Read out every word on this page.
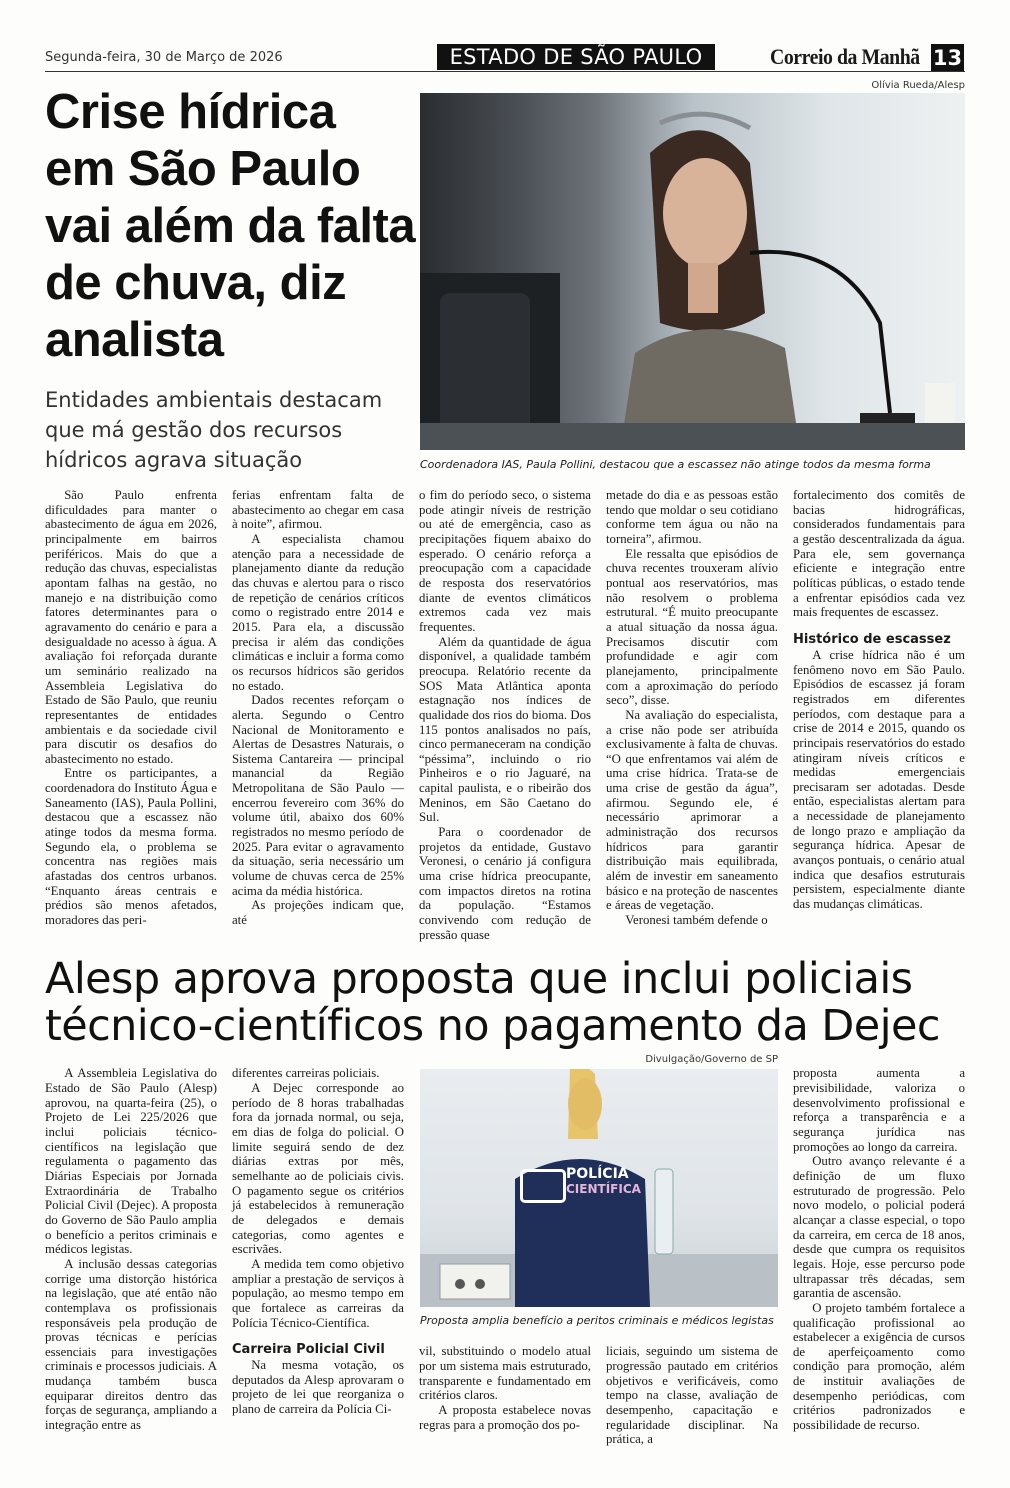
Segunda-feira, 30 de Março de 2026	ESTADO DE SÃO PAULO	Correio da Manhã 13
Crise hídrica em São Paulo vai além da falta de chuva, diz analista
Entidades ambientais destacam que má gestão dos recursos hídricos agrava situação
Olívia Rueda/Alesp
Coordenadora IAS, Paula Pollini, destacou que a escassez não atinge todos da mesma forma

São Paulo enfrenta dificuldades para manter o abastecimento de água em 2026, principalmente em bairros periféricos. Mais do que a redução das chuvas, especialistas apontam falhas na gestão, no manejo e na distribuição como fatores determinantes para o agravamento do cenário e para a desigualdade no acesso à água. A avaliação foi reforçada durante um seminário realizado na Assembleia Legislativa do Estado de São Paulo, que reuniu representantes de entidades ambientais e da sociedade civil para discutir os desafios do abastecimento no estado.

Entre os participantes, a coordenadora do Instituto Água e Saneamento (IAS), Paula Pollini, destacou que a escassez não atinge todos da mesma forma. Segundo ela, o problema se concentra nas regiões mais afastadas dos centros urbanos. “Enquanto áreas centrais e prédios são menos afetados, moradores das peri-

ferias enfrentam falta de abastecimento ao chegar em casa à noite”, afirmou.

A especialista chamou atenção para a necessidade de planejamento diante da redução das chuvas e alertou para o risco de repetição de cenários críticos como o registrado entre 2014 e 2015. Para ela, a discussão precisa ir além das condições climáticas e incluir a forma como os recursos hídricos são geridos no estado.

Dados recentes reforçam o alerta. Segundo o Centro Nacional de Monitoramento e Alertas de Desastres Naturais, o Sistema Cantareira — principal manancial da Região Metropolitana de São Paulo — encerrou fevereiro com 36% do volume útil, abaixo dos 60% registrados no mesmo período de 2025. Para evitar o agravamento da situação, seria necessário um volume de chuvas cerca de 25% acima da média histórica.

As projeções indicam que, até

o fim do período seco, o sistema pode atingir níveis de restrição ou até de emergência, caso as precipitações fiquem abaixo do esperado. O cenário reforça a preocupação com a capacidade de resposta dos reservatórios diante de eventos climáticos extremos cada vez mais frequentes.

Além da quantidade de água disponível, a qualidade também preocupa. Relatório recente da SOS Mata Atlântica aponta estagnação nos índices de qualidade dos rios do bioma. Dos 115 pontos analisados no país, cinco permaneceram na condição “péssima”, incluindo o rio Pinheiros e o rio Jaguaré, na capital paulista, e o ribeirão dos Meninos, em São Caetano do Sul.

Para o coordenador de projetos da entidade, Gustavo Veronesi, o cenário já configura uma crise hídrica preocupante, com impactos diretos na rotina da população. “Estamos convivendo com redução de pressão quase

metade do dia e as pessoas estão tendo que moldar o seu cotidiano conforme tem água ou não na torneira”, afirmou.

Ele ressalta que episódios de chuva recentes trouxeram alívio pontual aos reservatórios, mas não resolvem o problema estrutural. “É muito preocupante a atual situação da nossa água. Precisamos discutir com profundidade e agir com planejamento, principalmente com a aproximação do período seco”, disse.

Na avaliação do especialista, a crise não pode ser atribuída exclusivamente à falta de chuvas. “O que enfrentamos vai além de uma crise hídrica. Trata-se de uma crise de gestão da água”, afirmou. Segundo ele, é necessário aprimorar a administração dos recursos hídricos para garantir distribuição mais equilibrada, além de investir em saneamento básico e na proteção de nascentes e áreas de vegetação.

Veronesi também defende o

fortalecimento dos comitês de bacias hidrográficas, considerados fundamentais para a gestão descentralizada da água. Para ele, sem governança eficiente e integração entre políticas públicas, o estado tende a enfrentar episódios cada vez mais frequentes de escassez.

Histórico de escassez

A crise hídrica não é um fenômeno novo em São Paulo. Episódios de escassez já foram registrados em diferentes períodos, com destaque para a crise de 2014 e 2015, quando os principais reservatórios do estado atingiram níveis críticos e medidas emergenciais precisaram ser adotadas. Desde então, especialistas alertam para a necessidade de planejamento de longo prazo e ampliação da segurança hídrica. Apesar de avanços pontuais, o cenário atual indica que desafios estruturais persistem, especialmente diante das mudanças climáticas.

Alesp aprova proposta que inclui policiais técnico-científicos no pagamento da Dejec
Divulgação/Governo de SP
POLÍCIA
CIENTÍFICA
Proposta amplia benefício a peritos criminais e médicos legistas

A Assembleia Legislativa do Estado de São Paulo (Alesp) aprovou, na quarta-feira (25), o Projeto de Lei 225/2026 que inclui policiais técnico-científicos na legislação que regulamenta o pagamento das Diárias Especiais por Jornada Extraordinária de Trabalho Policial Civil (Dejec). A proposta do Governo de São Paulo amplia o benefício a peritos criminais e médicos legistas.

A inclusão dessas categorias corrige uma distorção histórica na legislação, que até então não contemplava os profissionais responsáveis pela produção de provas técnicas e perícias essenciais para investigações criminais e processos judiciais. A mudança também busca equiparar direitos dentro das forças de segurança, ampliando a integração entre as

diferentes carreiras policiais.

A Dejec corresponde ao período de 8 horas trabalhadas fora da jornada normal, ou seja, em dias de folga do policial. O limite seguirá sendo de dez diárias extras por mês, semelhante ao de policiais civis. O pagamento segue os critérios já estabelecidos à remuneração de delegados e demais categorias, como agentes e escrivães.

A medida tem como objetivo ampliar a prestação de serviços à população, ao mesmo tempo em que fortalece as carreiras da Polícia Técnico-Científica.

Carreira Policial Civil

Na mesma votação, os deputados da Alesp aprovaram o projeto de lei que reorganiza o plano de carreira da Polícia Ci-

vil, substituindo o modelo atual por um sistema mais estruturado, transparente e fundamentado em critérios claros.

A proposta estabelece novas regras para a promoção dos po-

liciais, seguindo um sistema de progressão pautado em critérios objetivos e verificáveis, como tempo na classe, avaliação de desempenho, capacitação e regularidade disciplinar. Na prática, a

proposta aumenta a previsibilidade, valoriza o desenvolvimento profissional e reforça a transparência e a segurança jurídica nas promoções ao longo da carreira.

Outro avanço relevante é a definição de um fluxo estruturado de progressão. Pelo novo modelo, o policial poderá alcançar a classe especial, o topo da carreira, em cerca de 18 anos, desde que cumpra os requisitos legais. Hoje, esse percurso pode ultrapassar três décadas, sem garantia de ascensão.

O projeto também fortalece a qualificação profissional ao estabelecer a exigência de cursos de aperfeiçoamento como condição para promoção, além de instituir avaliações de desempenho periódicas, com critérios padronizados e possibilidade de recurso.
